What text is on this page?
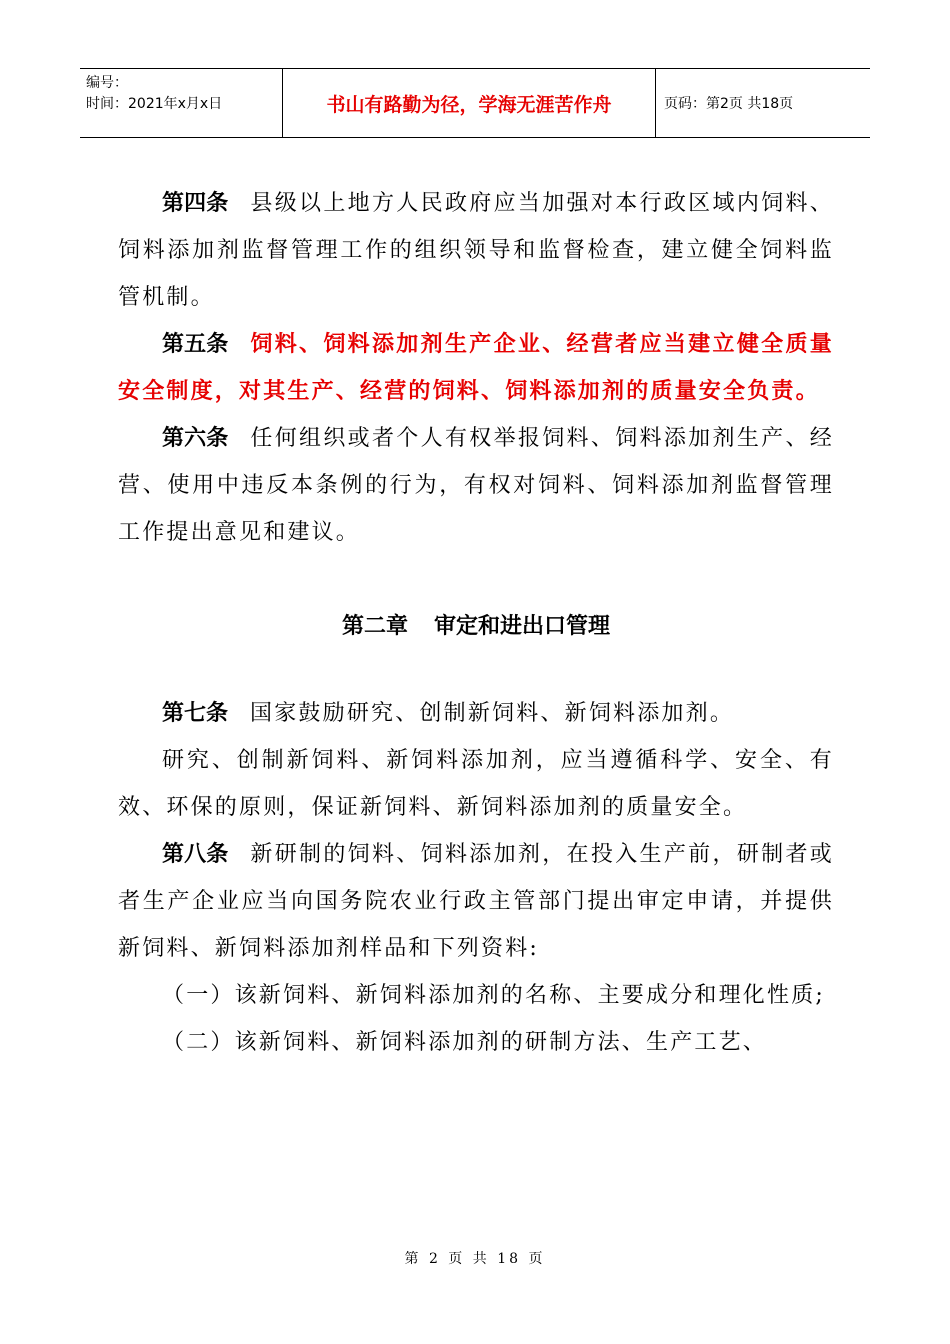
编号：
时间：2021年x月x日	书山有路勤为径，学海无涯苦作舟	页码：第2页 共18页

第四条 县级以上地方人民政府应当加强对本行政区域内饲料、饲料添加剂监督管理工作的组织领导和监督检查，建立健全饲料监管机制。

第五条 饲料、饲料添加剂生产企业、经营者应当建立健全质量安全制度，对其生产、经营的饲料、饲料添加剂的质量安全负责。

第六条 任何组织或者个人有权举报饲料、饲料添加剂生产、经营、使用中违反本条例的行为，有权对饲料、饲料添加剂监督管理工作提出意见和建议。

第二章 审定和进出口管理

第七条 国家鼓励研究、创制新饲料、新饲料添加剂。

研究、创制新饲料、新饲料添加剂，应当遵循科学、安全、有效、环保的原则，保证新饲料、新饲料添加剂的质量安全。

第八条 新研制的饲料、饲料添加剂，在投入生产前，研制者或者生产企业应当向国务院农业行政主管部门提出审定申请，并提供新饲料、新饲料添加剂样品和下列资料:

（一）该新饲料、新饲料添加剂的名称、主要成分和理化性质;

（二）该新饲料、新饲料添加剂的研制方法、生产工艺、

第 2 页 共 18 页
